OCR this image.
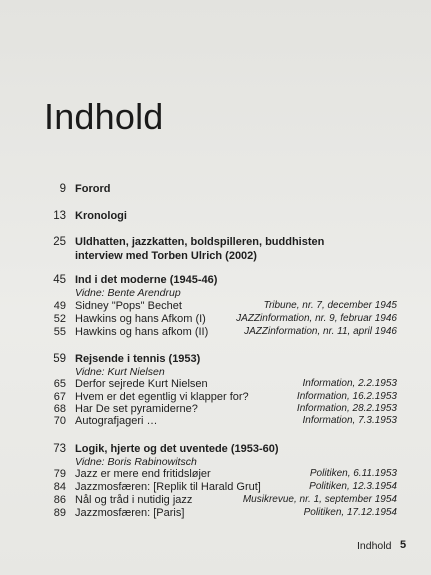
Indhold
9 Forord
13 Kronologi
25 Uldhatten, jazzkatten, boldspilleren, buddhisten
interview med Torben Ulrich (2002)
45 Ind i det moderne (1945-46)
Vidne: Bente Arendrup
49 Sidney "Pops" Bechet	Tribune, nr. 7, december 1945
52 Hawkins og hans Afkom (I)	JAZZinformation, nr. 9, februar 1946
55 Hawkins og hans afkom (II)	JAZZinformation, nr. 11, april 1946
59 Rejsende i tennis (1953)
Vidne: Kurt Nielsen
65 Derfor sejrede Kurt Nielsen	Information, 2.2.1953
67 Hvem er det egentlig vi klapper for?	Information, 16.2.1953
68 Har De set pyramiderne?	Information, 28.2.1953
70 Autografjageri …	Information, 7.3.1953
73 Logik, hjerte og det uventede (1953-60)
Vidne: Boris Rabinowitsch
79 Jazz er mere end fritidsløjer	Politiken, 6.11.1953
84 Jazzmosfæren: [Replik til Harald Grut]	Politiken, 12.3.1954
86 Nål og tråd i nutidig jazz	Musikrevue, nr. 1, september 1954
89 Jazzmosfæren: [Paris]	Politiken, 17.12.1954
Indhold 5
